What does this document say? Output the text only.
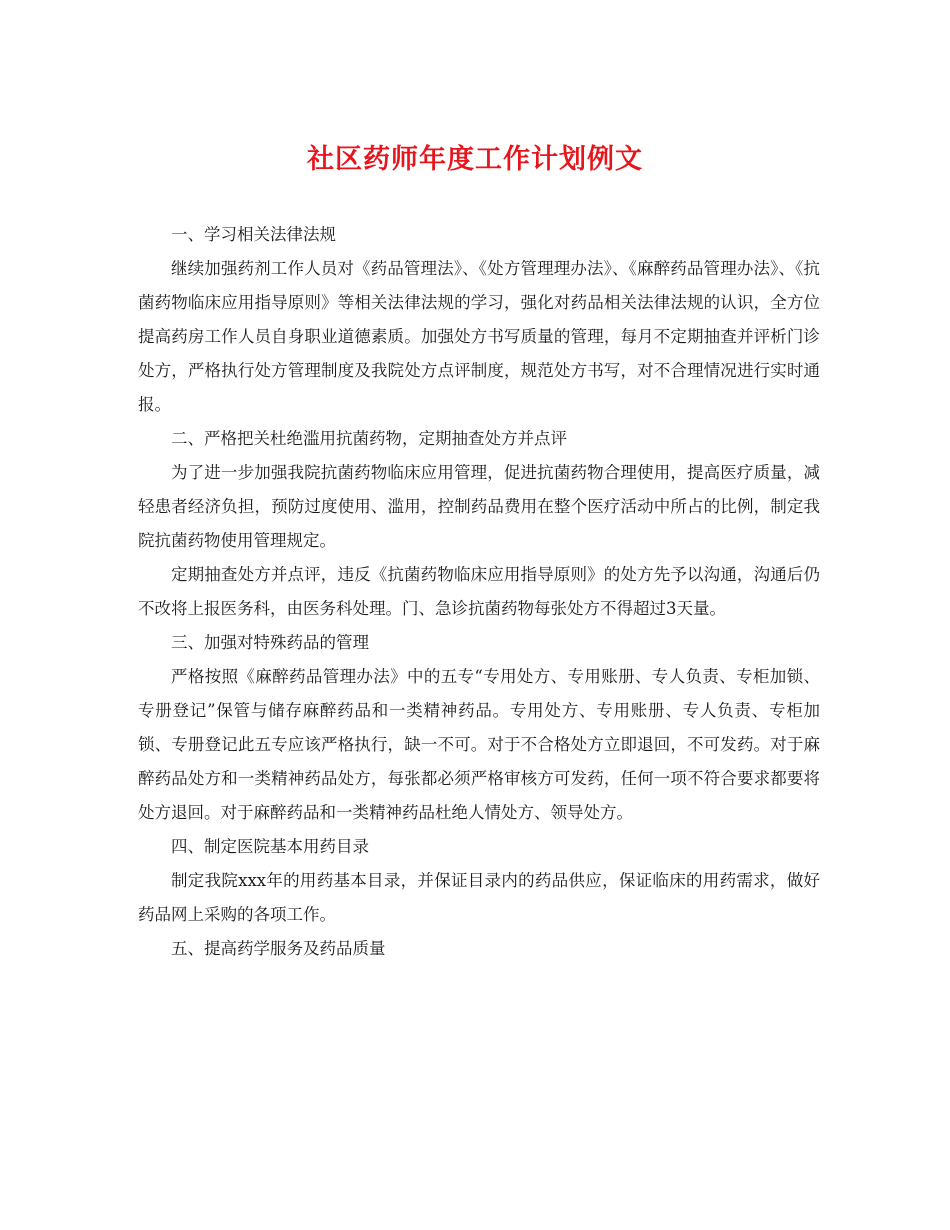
社区药师年度工作计划例文

一、学习相关法律法规

继续加强药剂工作人员对《药品管理法》、《处方管理理办法》、《麻醉药品管理办法》、《抗菌药物临床应用指导原则》等相关法律法规的学习，强化对药品相关法律法规的认识，全方位提高药房工作人员自身职业道德素质。加强处方书写质量的管理，每月不定期抽查并评析门诊处方，严格执行处方管理制度及我院处方点评制度，规范处方书写，对不合理情况进行实时通报。

二、严格把关杜绝滥用抗菌药物，定期抽查处方并点评

为了进一步加强我院抗菌药物临床应用管理，促进抗菌药物合理使用，提高医疗质量，减轻患者经济负担，预防过度使用、滥用，控制药品费用在整个医疗活动中所占的比例，制定我院抗菌药物使用管理规定。

定期抽查处方并点评，违反《抗菌药物临床应用指导原则》的处方先予以沟通，沟通后仍不改将上报医务科，由医务科处理。门、急诊抗菌药物每张处方不得超过3天量。

三、加强对特殊药品的管理

严格按照《麻醉药品管理办法》中的五专“专用处方、专用账册、专人负责、专柜加锁、专册登记”保管与储存麻醉药品和一类精神药品。专用处方、专用账册、专人负责、专柜加锁、专册登记此五专应该严格执行，缺一不可。对于不合格处方立即退回，不可发药。对于麻醉药品处方和一类精神药品处方，每张都必须严格审核方可发药，任何一项不符合要求都要将处方退回。对于麻醉药品和一类精神药品杜绝人情处方、领导处方。

四、制定医院基本用药目录

制定我院xxx年的用药基本目录，并保证目录内的药品供应，保证临床的用药需求，做好药品网上采购的各项工作。

五、提高药学服务及药品质量
